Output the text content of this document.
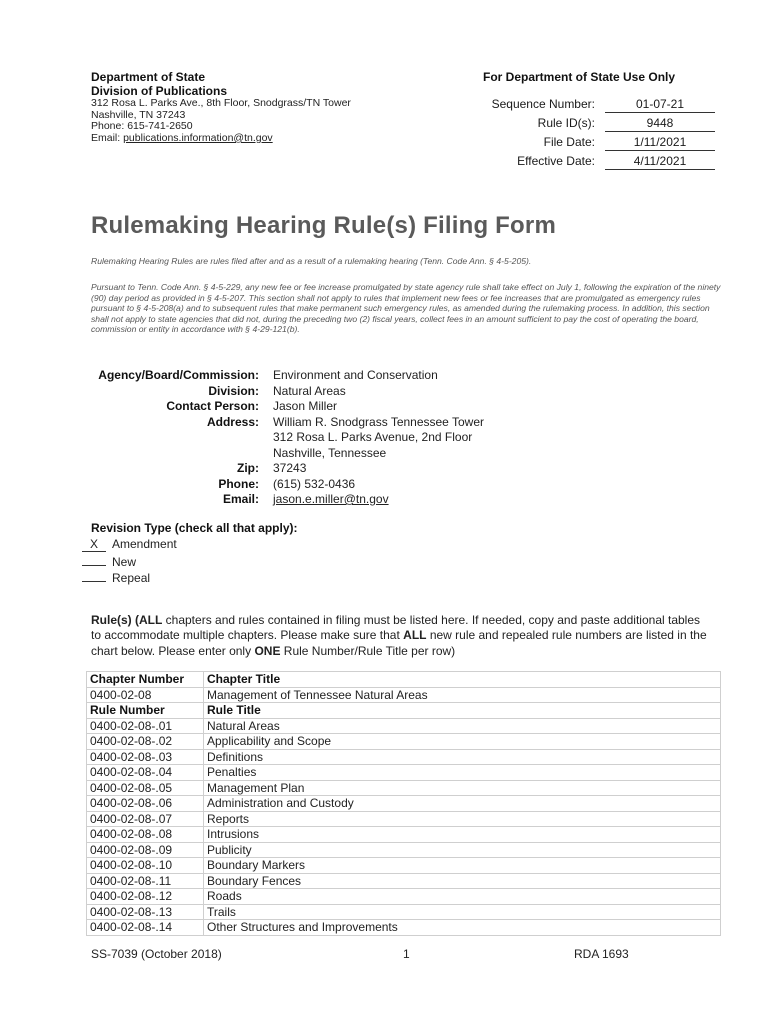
Department of State
Division of Publications
312 Rosa L. Parks Ave., 8th Floor, Snodgrass/TN Tower
Nashville, TN 37243
Phone: 615-741-2650
Email: publications.information@tn.gov
For Department of State Use Only
Sequence Number:	01-07-21
Rule ID(s):	9448
File Date:	1/11/2021
Effective Date:	4/11/2021
Rulemaking Hearing Rule(s) Filing Form
Rulemaking Hearing Rules are rules filed after and as a result of a rulemaking hearing (Tenn. Code Ann. § 4-5-205).
Pursuant to Tenn. Code Ann. § 4-5-229, any new fee or fee increase promulgated by state agency rule shall take effect on July 1, following the expiration of the ninety (90) day period as provided in § 4-5-207. This section shall not apply to rules that implement new fees or fee increases that are promulgated as emergency rules pursuant to § 4-5-208(a) and to subsequent rules that make permanent such emergency rules, as amended during the rulemaking process. In addition, this section shall not apply to state agencies that did not, during the preceding two (2) fiscal years, collect fees in an amount sufficient to pay the cost of operating the board, commission or entity in accordance with § 4-29-121(b).
Agency/Board/Commission: Environment and Conservation
Division: Natural Areas
Contact Person: Jason Miller
Address: William R. Snodgrass Tennessee Tower
312 Rosa L. Parks Avenue, 2nd Floor
Nashville, Tennessee
Zip: 37243
Phone: (615) 532-0436
Email: jason.e.miller@tn.gov
Revision Type (check all that apply):
X Amendment
New
Repeal
Rule(s) (ALL chapters and rules contained in filing must be listed here. If needed, copy and paste additional tables to accommodate multiple chapters. Please make sure that ALL new rule and repealed rule numbers are listed in the chart below. Please enter only ONE Rule Number/Rule Title per row)
Chapter Number	Chapter Title
0400-02-08	Management of Tennessee Natural Areas
Rule Number	Rule Title
0400-02-08-.01	Natural Areas
0400-02-08-.02	Applicability and Scope
0400-02-08-.03	Definitions
0400-02-08-.04	Penalties
0400-02-08-.05	Management Plan
0400-02-08-.06	Administration and Custody
0400-02-08-.07	Reports
0400-02-08-.08	Intrusions
0400-02-08-.09	Publicity
0400-02-08-.10	Boundary Markers
0400-02-08-.11	Boundary Fences
0400-02-08-.12	Roads
0400-02-08-.13	Trails
0400-02-08-.14	Other Structures and Improvements
SS-7039 (October 2018)	1	RDA 1693
